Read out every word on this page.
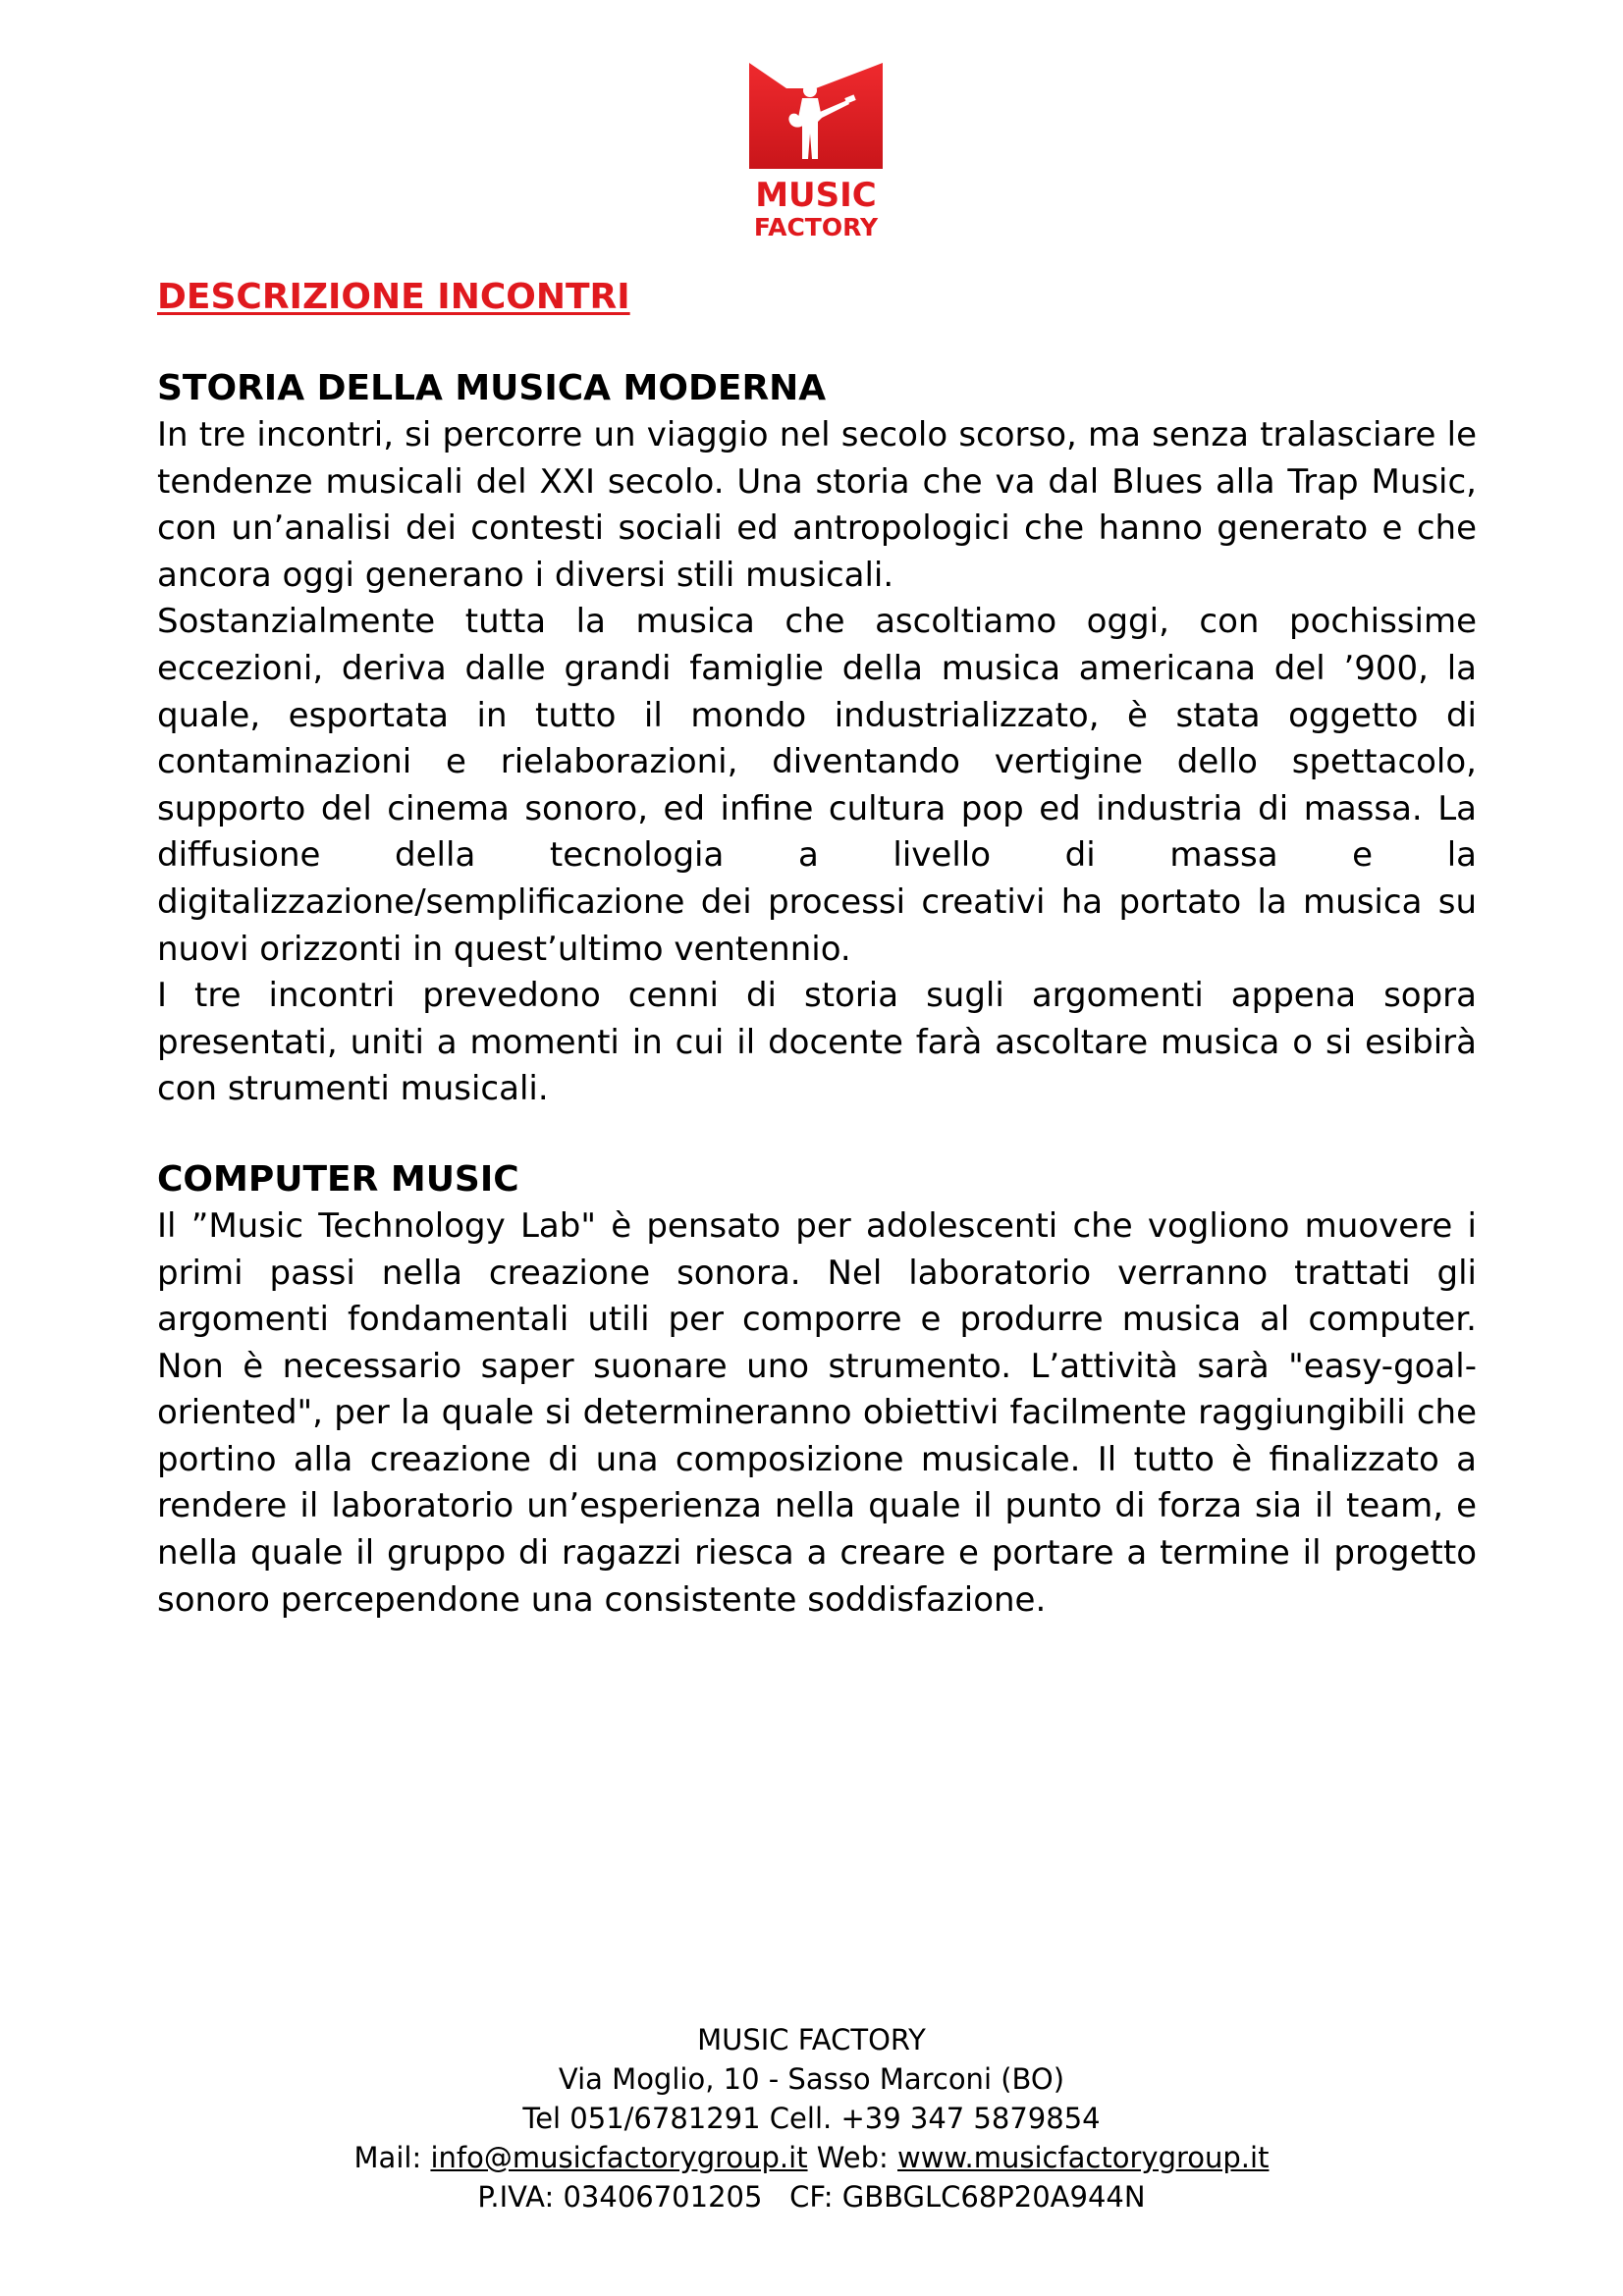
MUSIC
FACTORY
DESCRIZIONE INCONTRI
STORIA DELLA MUSICA MODERNA

In tre incontri, si percorre un viaggio nel secolo scorso, ma senza tralasciare le tendenze musicali del XXI secolo. Una storia che va dal Blues alla Trap Music, con un’analisi dei contesti sociali ed antropologici che hanno generato e che ancora oggi generano i diversi stili musicali.

Sostanzialmente tutta la musica che ascoltiamo oggi, con pochissime eccezioni, deriva dalle grandi famiglie della musica americana del ’900, la quale, esportata in tutto il mondo industrializzato, è stata oggetto di contaminazioni e rielaborazioni, diventando vertigine dello spettacolo, supporto del cinema sonoro, ed infine cultura pop ed industria di massa. La diffusione della tecnologia a livello di massa e la digitalizzazione/semplificazione dei processi creativi ha portato la musica su nuovi orizzonti in quest’ultimo ventennio.

I tre incontri prevedono cenni di storia sugli argomenti appena sopra presentati, uniti a momenti in cui il docente farà ascoltare musica o si esibirà con strumenti musicali.

COMPUTER MUSIC

Il ”Music Technology Lab" è pensato per adolescenti che vogliono muovere i primi passi nella creazione sonora. Nel laboratorio verranno trattati gli argomenti fondamentali utili per comporre e produrre musica al computer. Non è necessario saper suonare uno strumento. L’attività sarà "easy-goal-oriented", per la quale si determineranno obiettivi facilmente raggiungibili che portino alla creazione di una composizione musicale. Il tutto è finalizzato a rendere il laboratorio un’esperienza nella quale il punto di forza sia il team, e nella quale il gruppo di ragazzi riesca a creare e portare a termine il progetto sonoro percependone una consistente soddisfazione.

MUSIC FACTORY

Via Moglio, 10 - Sasso Marconi (BO)

Tel 051/6781291 Cell. +39 347 5879854

Mail: info@musicfactorygroup.it Web: www.musicfactorygroup.it

P.IVA: 03406701205 CF: GBBGLC68P20A944N
